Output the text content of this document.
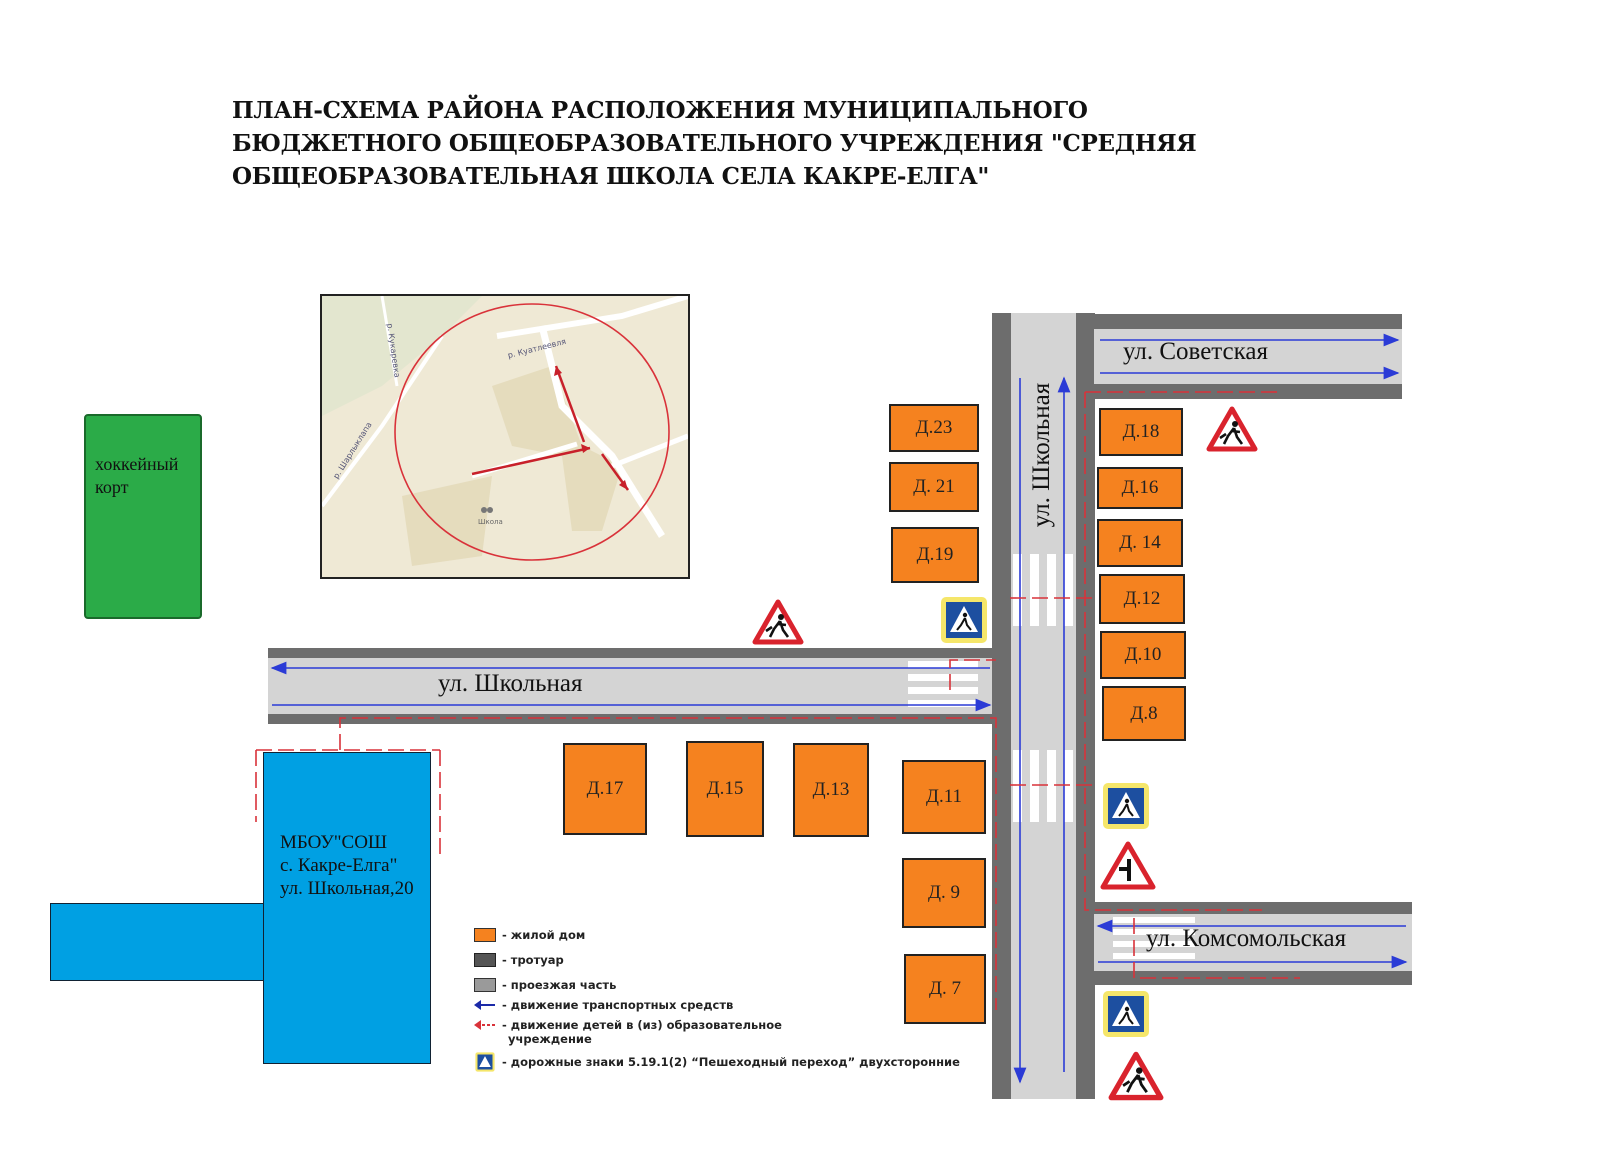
ПЛАН-СХЕМА РАЙОНА РАСПОЛОЖЕНИЯ МУНИЦИПАЛЬНОГО
БЮДЖЕТНОГО ОБЩЕОБРАЗОВАТЕЛЬНОГО УЧРЕЖДЕНИЯ "СРЕДНЯЯ
ОБЩЕОБРАЗОВАТЕЛЬНАЯ ШКОЛА СЕЛА КАКРЕ-ЕЛГА"
р. Куатлеевля
р. Шарлыклапа
р. Кукаревка
Школа
хоккейный
корт
ул. Школьная
ул. Школьная
ул. Советская
ул. Комсомольская
Д.23
Д. 21
Д.19
Д.18
Д.16
Д. 14
Д.12
Д.10
Д.8
Д.17	Д.15	Д.13	Д.11
Д. 9
Д. 7
МБОУ"СОШ
с. Какре-Елга"
ул. Школьная,20
- жилой дом
- тротуар
- проезжая часть
- движение транспортных средств
- движение детей в (из) образовательное
учреждение
- дорожные знаки 5.19.1(2) “Пешеходный переход” двухсторонние
